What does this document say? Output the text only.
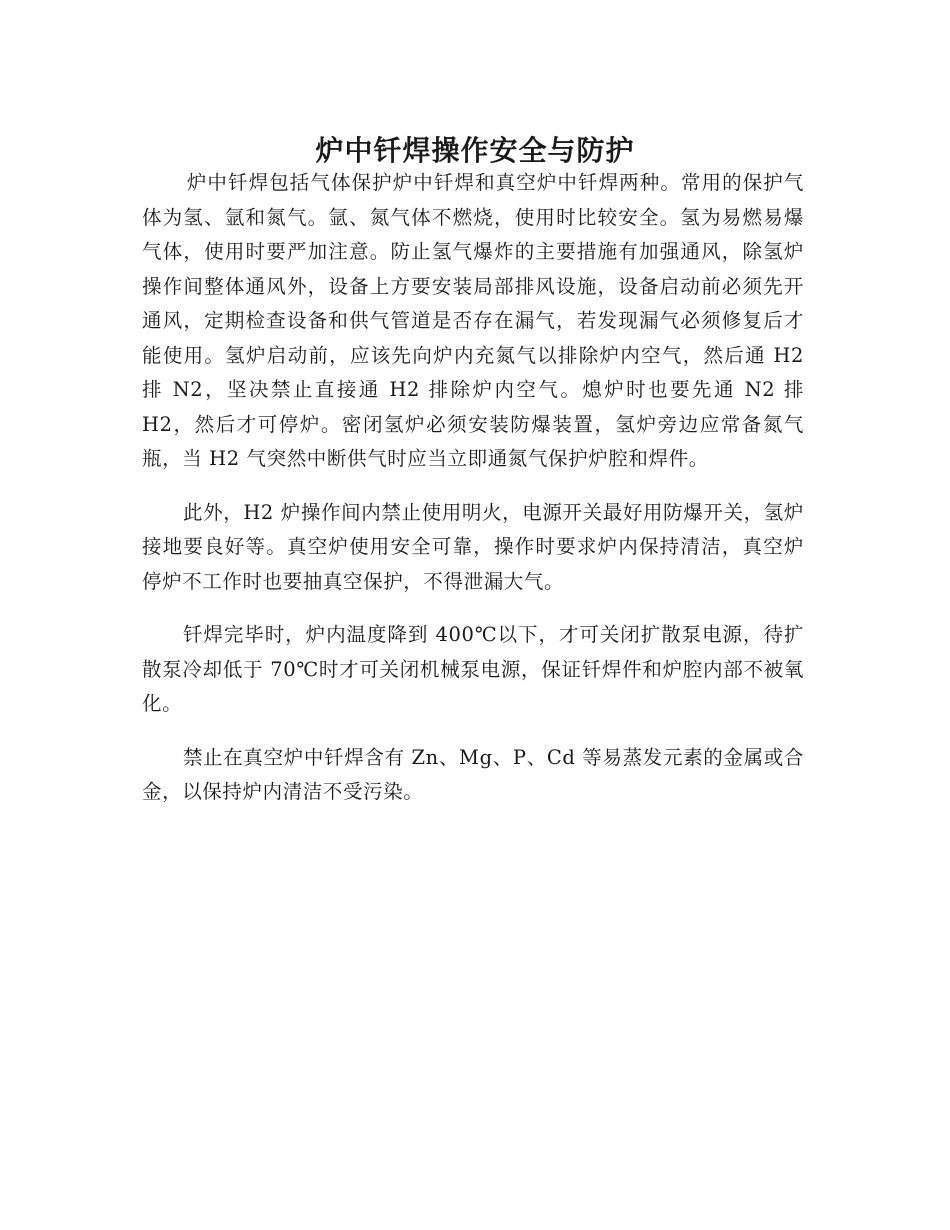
炉中钎焊操作安全与防护

炉中钎焊包括气体保护炉中钎焊和真空炉中钎焊两种。常用的保护气体为氢、氩和氮气。氩、氮气体不燃烧，使用时比较安全。氢为易燃易爆气体，使用时要严加注意。防止氢气爆炸的主要措施有加强通风，除氢炉操作间整体通风外，设备上方要安装局部排风设施，设备启动前必须先开通风，定期检查设备和供气管道是否存在漏气，若发现漏气必须修复后才能使用。氢炉启动前，应该先向炉内充氮气以排除炉内空气，然后通 H2 排 N2，坚决禁止直接通 H2 排除炉内空气。熄炉时也要先通 N2 排 H2，然后才可停炉。密闭氢炉必须安装防爆装置，氢炉旁边应常备氮气瓶，当 H2 气突然中断供气时应当立即通氮气保护炉腔和焊件。

此外，H2 炉操作间内禁止使用明火，电源开关最好用防爆开关，氢炉接地要良好等。真空炉使用安全可靠，操作时要求炉内保持清洁，真空炉停炉不工作时也要抽真空保护，不得泄漏大气。

钎焊完毕时，炉内温度降到 400℃以下，才可关闭扩散泵电源，待扩散泵冷却低于 70℃时才可关闭机械泵电源，保证钎焊件和炉腔内部不被氧化。

禁止在真空炉中钎焊含有 Zn、Mg、P、Cd 等易蒸发元素的金属或合金，以保持炉内清洁不受污染。
